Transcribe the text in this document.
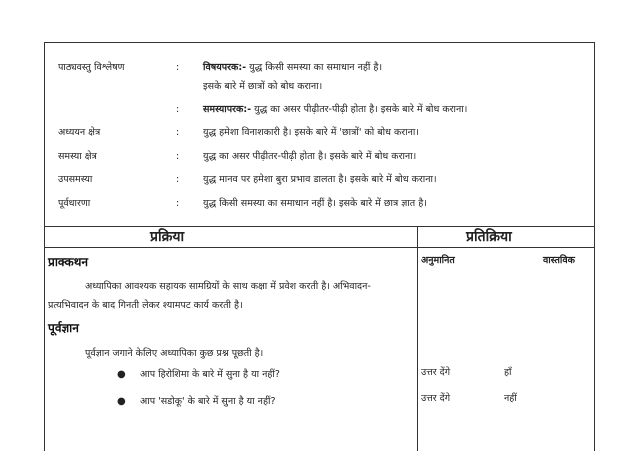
पाठ्यवस्तु विश्लेषण	:	विषयपरक:- युद्ध किसी समस्या का समाधान नहीं है।
इसके बारे में छात्रों को बोध कराना।
:	समस्यापरक:- युद्ध का असर पीढ़ीतर-पीढ़ी होता है। इसके बारे में बोध कराना।
अध्ययन क्षेत्र	:	युद्ध हमेशा विनाशकारी है। इसके बारे में 'छात्रों' को बोध कराना।
समस्या क्षेत्र	:	युद्ध का असर पीढ़ीतर-पीढ़ी होता है। इसके बारे में बोध कराना।
उपसमस्या	:	युद्ध मानव पर हमेशा बुरा प्रभाव डालता है। इसके बारे में बोध कराना।
पूर्वधारणा	:	युद्ध किसी समस्या का समाधान नहीं है। इसके बारे में छात्र ज्ञात है।
प्रक्रिया	प्रतिक्रिया
अनुमानित	वास्तविक
प्राक्कथन
अध्यापिका आवश्यक सहायक सामग्रियों के साथ कक्षा में प्रवेश करती है। अभिवादन-
प्रत्यभिवादन के बाद गिनती लेकर श्यामपट कार्य करती है।
पूर्वज्ञान
पूर्वज्ञान जगाने केलिए अध्यापिका कुछ प्रश्न पूछती है।
● आप हिरोशिमा के बारे में सुना है या नहीं?	उत्तर देंगे	हाँ
● आप 'सडोकू' के बारे में सुना है या नहीं?	उत्तर देंगे	नहीं
